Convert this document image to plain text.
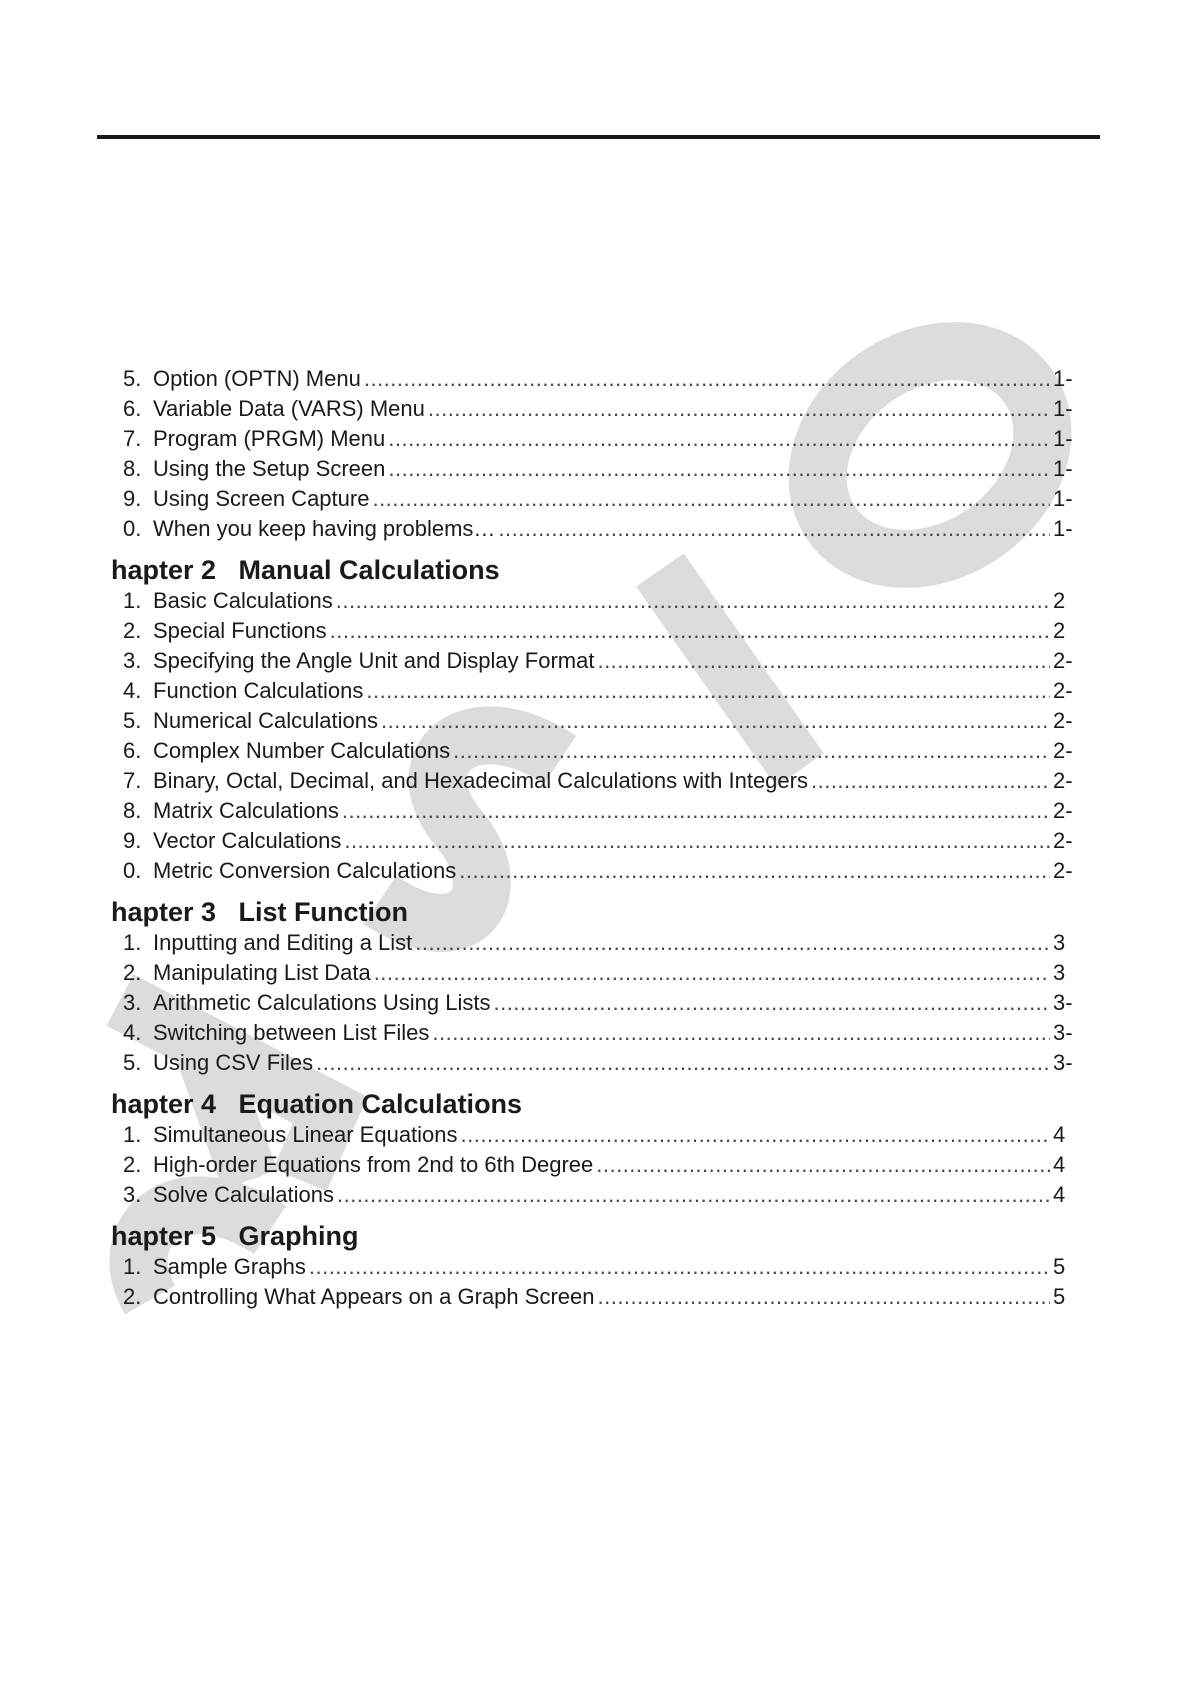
5. Option (OPTN) Menu .....	1-
6. Variable Data (VARS) Menu .....	1-
7. Program (PRGM) Menu .....	1-
8. Using the Setup Screen .....	1-
9. Using Screen Capture .....	1-
0. When you keep having problems… .....	1-
hapter 2   Manual Calculations
1. Basic Calculations .....	2
2. Special Functions .....	2
3. Specifying the Angle Unit and Display Format .....	2-
4. Function Calculations .....	2-
5. Numerical Calculations .....	2-
6. Complex Number Calculations .....	2-
7. Binary, Octal, Decimal, and Hexadecimal Calculations with Integers .....	2-
8. Matrix Calculations .....	2-
9. Vector Calculations .....	2-
0. Metric Conversion Calculations .....	2-
hapter 3   List Function
1. Inputting and Editing a List .....	3
2. Manipulating List Data .....	3
3. Arithmetic Calculations Using Lists .....	3-
4. Switching between List Files .....	3-
5. Using CSV Files .....	3-
hapter 4   Equation Calculations
1. Simultaneous Linear Equations .....	4
2. High-order Equations from 2nd to 6th Degree .....	4
3. Solve Calculations .....	4
hapter 5   Graphing
1. Sample Graphs .....	5
2. Controlling What Appears on a Graph Screen .....	5
